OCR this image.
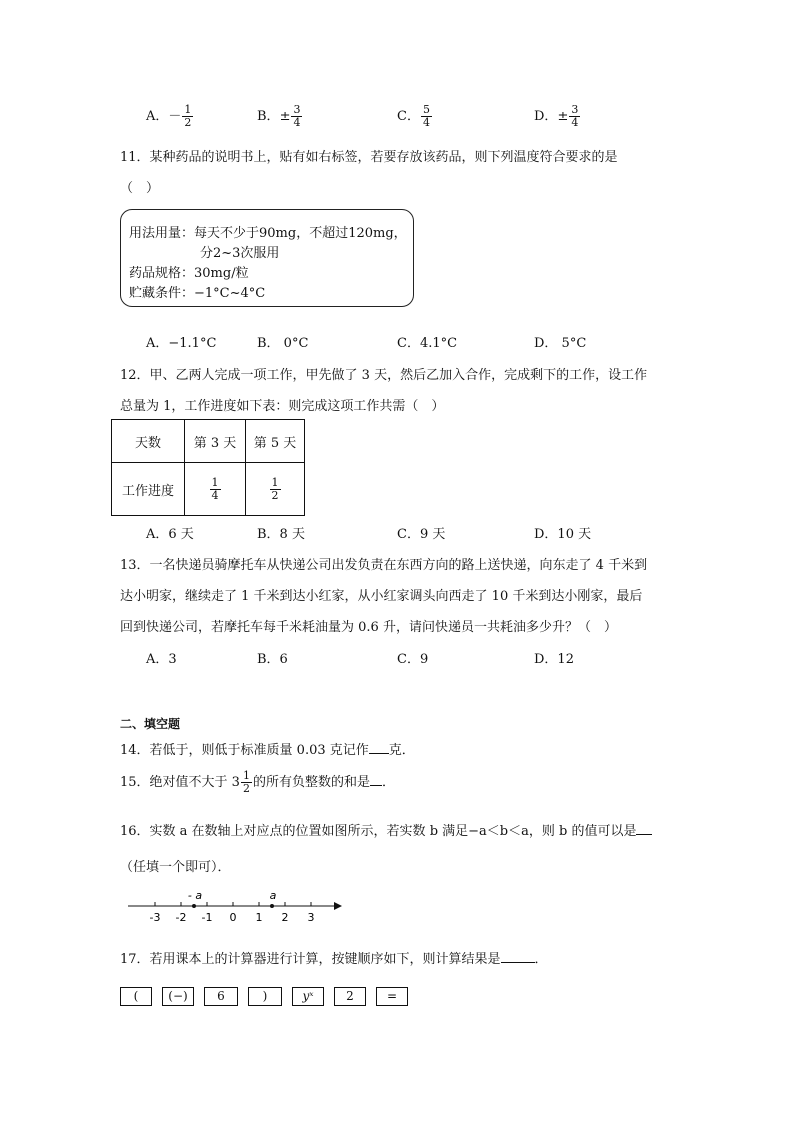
A．－ $\frac{1}{2}$	B．± $\frac{3}{4}$	C． $\frac{5}{4}$	D．± $\frac{3}{4}$
11．某种药品的说明书上，贴有如右标签，若要存放该药品，则下列温度符合要求的是
（　）
用法用量：每天不少于90mg，不超过120mg，
分2~3次服用
药品规格：30mg/粒
贮藏条件：−1°C~4°C
A．−1.1°C	B． 0°C	C．4.1°C	D． 5°C
12．甲、乙两人完成一项工作，甲先做了 3 天，然后乙加入合作，完成剩下的工作，设工作
总量为 1，工作进度如下表：则完成这项工作共需（　）
天数	第 3 天	第 5 天
工作进度	$\frac{1}{4}$	$\frac{1}{2}$
A．6 天	B．8 天	C．9 天	D．10 天
13．一名快递员骑摩托车从快递公司出发负责在东西方向的路上送快递，向东走了 4 千米到
达小明家，继续走了 1 千米到达小红家，从小红家调头向西走了 10 千米到达小刚家，最后
回到快递公司，若摩托车每千米耗油量为 0.6 升，请问快递员一共耗油多少升？（　）
A．3	B．6	C．9	D．12
二、填空题
14．若低于，则低于标准质量 0.03 克记作 克．
15．绝对值不大于 $3 \frac{1}{2}$ 的所有负整数的和是 ．
16．实数 a 在数轴上对应点的位置如图所示，若实数 b 满足−a＜b＜a，则 b 的值可以是
（任填一个即可）．
-3 -2 -1 0 1 2 3
- a	a
17．若用课本上的计算器进行计算，按键顺序如下，则计算结果是	．
(	(−)	6	)	yˣ	2	=
